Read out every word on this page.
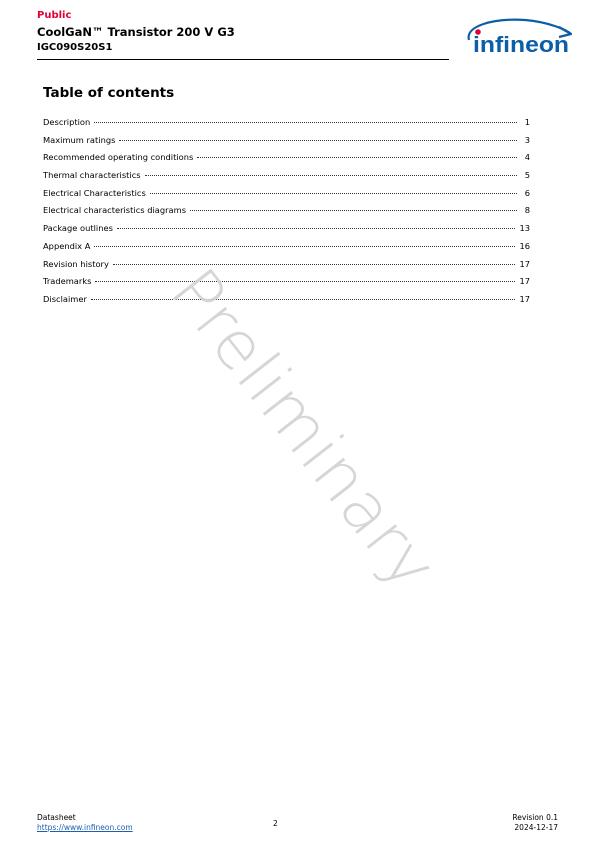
Public
CoolGaN™ Transistor 200 V G3
IGC090S20S1	infineon
Table of contents
Description	1
Maximum ratings	3
Recommended operating conditions	4
Thermal characteristics	5
Electrical Characteristics	6
Electrical characteristics diagrams	8
Package outlines	13
Appendix A	16
Revision history	17
Trademarks	17
Disclaimer	17
Preliminary
Datasheet
https://www.infineon.com	2
Revision 0.1
2024-12-17
